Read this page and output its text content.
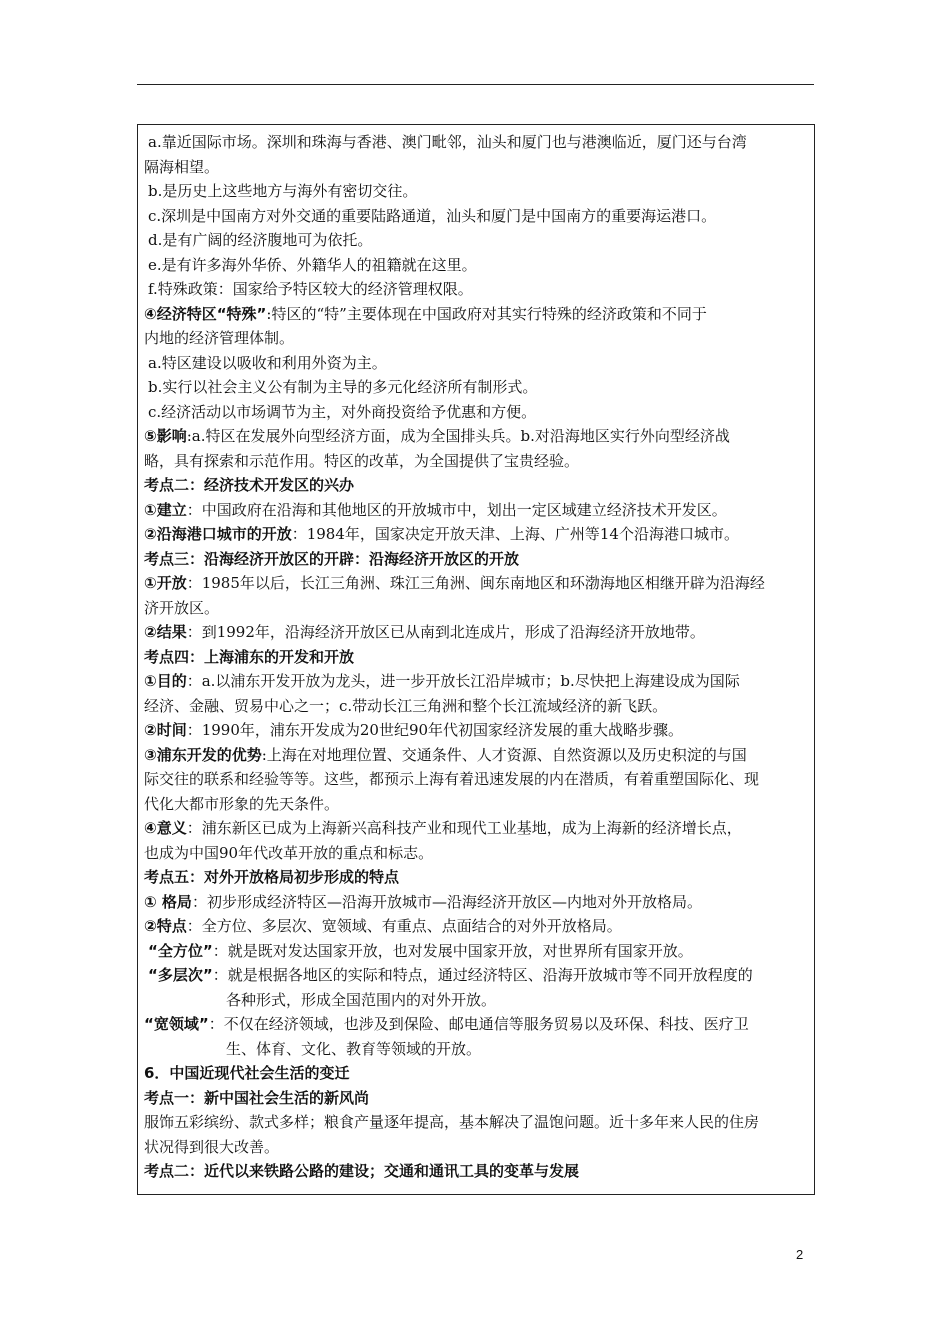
a.靠近国际市场。深圳和珠海与香港、澳门毗邻，汕头和厦门也与港澳临近，厦门还与台湾
隔海相望。
b.是历史上这些地方与海外有密切交往。
c.深圳是中国南方对外交通的重要陆路通道，汕头和厦门是中国南方的重要海运港口。
d.是有广阔的经济腹地可为依托。
e.是有许多海外华侨、外籍华人的祖籍就在这里。
f.特殊政策：国家给予特区较大的经济管理权限。
④经济特区“特殊”:特区的“特”主要体现在中国政府对其实行特殊的经济政策和不同于
内地的经济管理体制。
a.特区建设以吸收和利用外资为主。
b.实行以社会主义公有制为主导的多元化经济所有制形式。
c.经济活动以市场调节为主，对外商投资给予优惠和方便。
⑤影响:a.特区在发展外向型经济方面，成为全国排头兵。b.对沿海地区实行外向型经济战
略，具有探索和示范作用。特区的改革，为全国提供了宝贵经验。
考点二：经济技术开发区的兴办
①建立：中国政府在沿海和其他地区的开放城市中，划出一定区域建立经济技术开发区。
②沿海港口城市的开放：1984年，国家决定开放天津、上海、广州等14个沿海港口城市。
考点三：沿海经济开放区的开辟：沿海经济开放区的开放
①开放：1985年以后，长江三角洲、珠江三角洲、闽东南地区和环渤海地区相继开辟为沿海经
济开放区。
②结果：到1992年，沿海经济开放区已从南到北连成片，形成了沿海经济开放地带。
考点四：上海浦东的开发和开放
①目的：a.以浦东开发开放为龙头，进一步开放长江沿岸城市；b.尽快把上海建设成为国际
经济、金融、贸易中心之一；c.带动长江三角洲和整个长江流域经济的新飞跃。
②时间：1990年，浦东开发成为20世纪90年代初国家经济发展的重大战略步骤。
③浦东开发的优势:上海在对地理位置、交通条件、人才资源、自然资源以及历史积淀的与国
际交往的联系和经验等等。这些，都预示上海有着迅速发展的内在潜质，有着重塑国际化、现
代化大都市形象的先天条件。
④意义：浦东新区已成为上海新兴高科技产业和现代工业基地，成为上海新的经济增长点，
也成为中国90年代改革开放的重点和标志。
考点五：对外开放格局初步形成的特点
① 格局：初步形成经济特区—沿海开放城市—沿海经济开放区—内地对外开放格局。
②特点：全方位、多层次、宽领域、有重点、点面结合的对外开放格局。
“全方位”：就是既对发达国家开放，也对发展中国家开放，对世界所有国家开放。
“多层次”：就是根据各地区的实际和特点，通过经济特区、沿海开放城市等不同开放程度的
各种形式，形成全国范围内的对外开放。
“宽领域”：不仅在经济领域，也涉及到保险、邮电通信等服务贸易以及环保、科技、医疗卫
生、体育、文化、教育等领域的开放。
6．中国近现代社会生活的变迁
考点一：新中国社会生活的新风尚
服饰五彩缤纷、款式多样；粮食产量逐年提高，基本解决了温饱问题。近十多年来人民的住房
状况得到很大改善。
考点二：近代以来铁路公路的建设；交通和通讯工具的变革与发展
2
